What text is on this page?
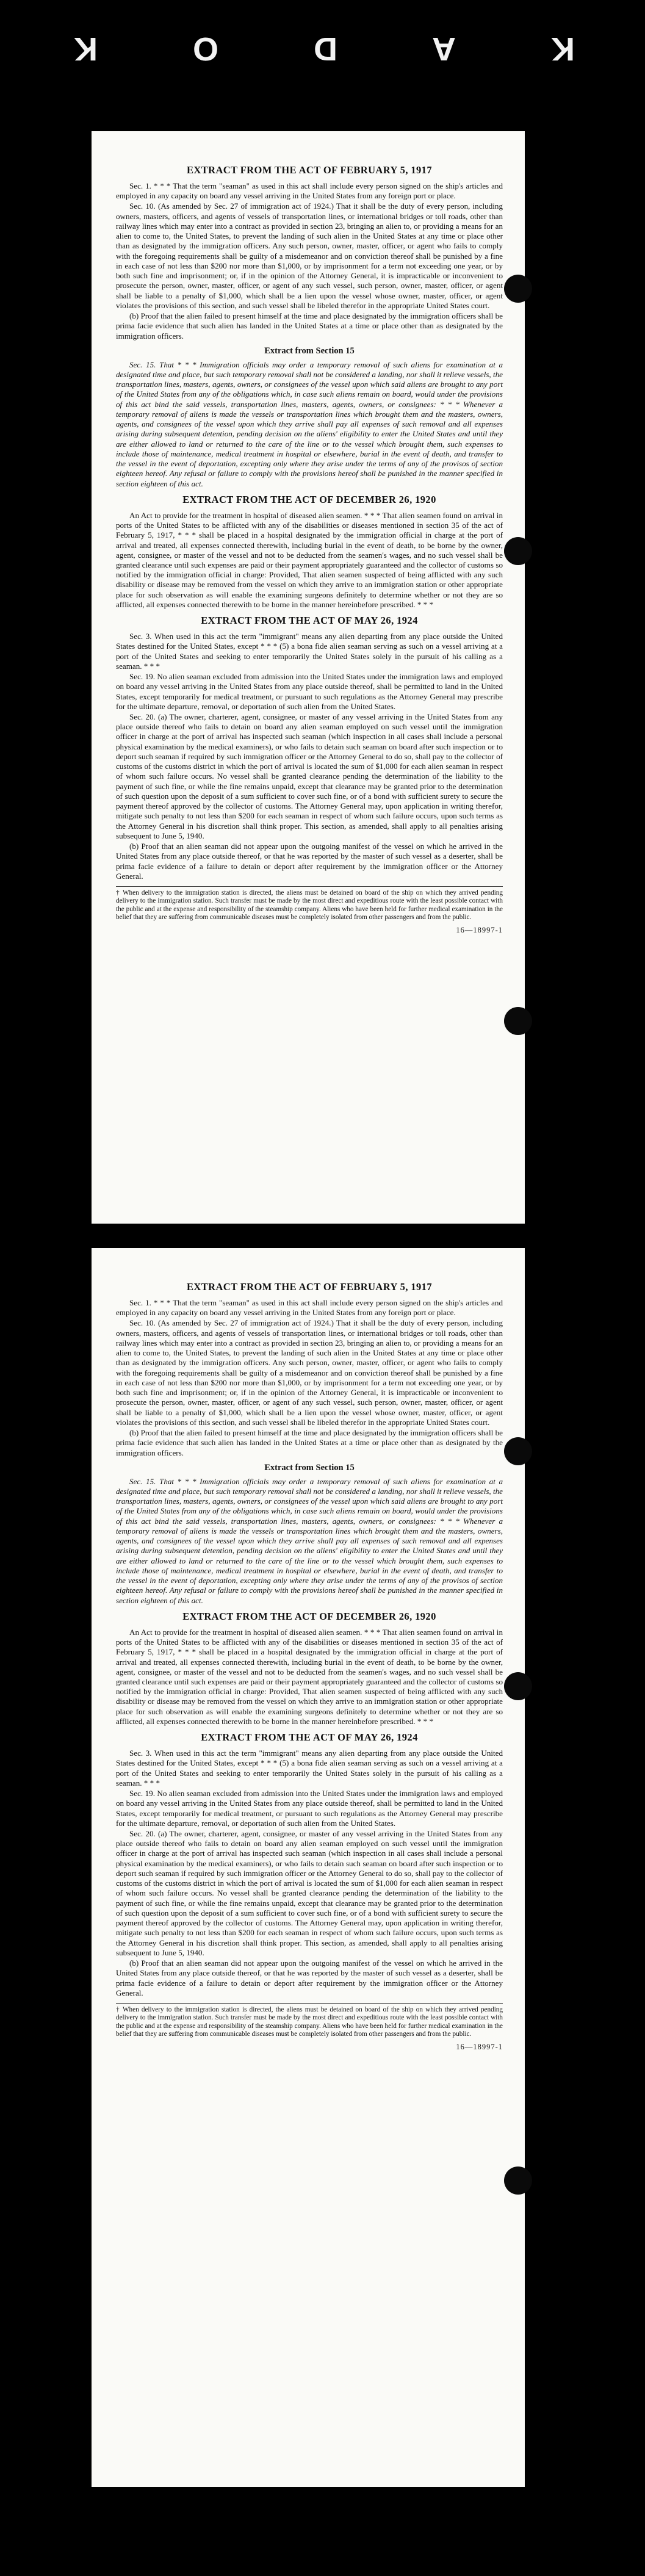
K	O	D	A	K
EXTRACT FROM THE ACT OF FEBRUARY 5, 1917
Sec. 1. * * * That the term "seaman" as used in this act shall include every person signed on the ship's articles and employed in any capacity on board any vessel arriving in the United States from any foreign port or place.
Sec. 10. (As amended by Sec. 27 of immigration act of 1924.) That it shall be the duty of every person, including owners, masters, officers, and agents of vessels of transportation lines, or international bridges or toll roads, other than railway lines which may enter into a contract as provided in section 23, bringing an alien to, or providing a means for an alien to come to, the United States, to prevent the landing of such alien in the United States at any time or place other than as designated by the immigration officers. Any such person, owner, master, officer, or agent who fails to comply with the foregoing requirements shall be guilty of a misdemeanor and on conviction thereof shall be punished by a fine in each case of not less than $200 nor more than $1,000, or by imprisonment for a term not exceeding one year, or by both such fine and imprisonment; or, if in the opinion of the Attorney General, it is impracticable or inconvenient to prosecute the person, owner, master, officer, or agent of any such vessel, such person, owner, master, officer, or agent shall be liable to a penalty of $1,000, which shall be a lien upon the vessel whose owner, master, officer, or agent violates the provisions of this section, and such vessel shall be libeled therefor in the appropriate United States court.
(b) Proof that the alien failed to present himself at the time and place designated by the immigration officers shall be prima facie evidence that such alien has landed in the United States at a time or place other than as designated by the immigration officers.
Extract from Section 15
Sec. 15. That * * * Immigration officials may order a temporary removal of such aliens for examination at a designated time and place, but such temporary removal shall not be considered a landing, nor shall it relieve vessels, the transportation lines, masters, agents, owners, or consignees of the vessel upon which said aliens are brought to any port of the United States from any of the obligations which, in case such aliens remain on board, would under the provisions of this act bind the said vessels, transportation lines, masters, agents, owners, or consignees: * * * Whenever a temporary removal of aliens is made the vessels or transportation lines which brought them and the masters, owners, agents, and consignees of the vessel upon which they arrive shall pay all expenses of such removal and all expenses arising during subsequent detention, pending decision on the aliens' eligibility to enter the United States and until they are either allowed to land or returned to the care of the line or to the vessel which brought them, such expenses to include those of maintenance, medical treatment in hospital or elsewhere, burial in the event of death, and transfer to the vessel in the event of deportation, excepting only where they arise under the terms of any of the provisos of section eighteen hereof. Any refusal or failure to comply with the provisions hereof shall be punished in the manner specified in section eighteen of this act.
EXTRACT FROM THE ACT OF DECEMBER 26, 1920
An Act to provide for the treatment in hospital of diseased alien seamen. * * * That alien seamen found on arrival in ports of the United States to be afflicted with any of the disabilities or diseases mentioned in section 35 of the act of February 5, 1917, * * * shall be placed in a hospital designated by the immigration official in charge at the port of arrival and treated, all expenses connected therewith, including burial in the event of death, to be borne by the owner, agent, consignee, or master of the vessel and not to be deducted from the seamen's wages, and no such vessel shall be granted clearance until such expenses are paid or their payment appropriately guaranteed and the collector of customs so notified by the immigration official in charge: Provided, That alien seamen suspected of being afflicted with any such disability or disease may be removed from the vessel on which they arrive to an immigration station or other appropriate place for such observation as will enable the examining surgeons definitely to determine whether or not they are so afflicted, all expenses connected therewith to be borne in the manner hereinbefore prescribed. * * *
EXTRACT FROM THE ACT OF MAY 26, 1924
Sec. 3. When used in this act the term "immigrant" means any alien departing from any place outside the United States destined for the United States, except * * * (5) a bona fide alien seaman serving as such on a vessel arriving at a port of the United States and seeking to enter temporarily the United States solely in the pursuit of his calling as a seaman. * * *
Sec. 19. No alien seaman excluded from admission into the United States under the immigration laws and employed on board any vessel arriving in the United States from any place outside thereof, shall be permitted to land in the United States, except temporarily for medical treatment, or pursuant to such regulations as the Attorney General may prescribe for the ultimate departure, removal, or deportation of such alien from the United States.
Sec. 20. (a) The owner, charterer, agent, consignee, or master of any vessel arriving in the United States from any place outside thereof who fails to detain on board any alien seaman employed on such vessel until the immigration officer in charge at the port of arrival has inspected such seaman (which inspection in all cases shall include a personal physical examination by the medical examiners), or who fails to detain such seaman on board after such inspection or to deport such seaman if required by such immigration officer or the Attorney General to do so, shall pay to the collector of customs of the customs district in which the port of arrival is located the sum of $1,000 for each alien seaman in respect of whom such failure occurs. No vessel shall be granted clearance pending the determination of the liability to the payment of such fine, or while the fine remains unpaid, except that clearance may be granted prior to the determination of such question upon the deposit of a sum sufficient to cover such fine, or of a bond with sufficient surety to secure the payment thereof approved by the collector of customs. The Attorney General may, upon application in writing therefor, mitigate such penalty to not less than $200 for each seaman in respect of whom such failure occurs, upon such terms as the Attorney General in his discretion shall think proper. This section, as amended, shall apply to all penalties arising subsequent to June 5, 1940.
(b) Proof that an alien seaman did not appear upon the outgoing manifest of the vessel on which he arrived in the United States from any place outside thereof, or that he was reported by the master of such vessel as a deserter, shall be prima facie evidence of a failure to detain or deport after requirement by the immigration officer or the Attorney General.
† When delivery to the immigration station is directed, the aliens must be detained on board of the ship on which they arrived pending delivery to the immigration station. Such transfer must be made by the most direct and expeditious route with the least possible contact with the public and at the expense and responsibility of the steamship company. Aliens who have been held for further medical examination in the belief that they are suffering from communicable diseases must be completely isolated from other passengers and from the public.
16—18997-1
EXTRACT FROM THE ACT OF FEBRUARY 5, 1917
Sec. 1. * * * That the term "seaman" as used in this act shall include every person signed on the ship's articles and employed in any capacity on board any vessel arriving in the United States from any foreign port or place.
Sec. 10. (As amended by Sec. 27 of immigration act of 1924.) That it shall be the duty of every person, including owners, masters, officers, and agents of vessels of transportation lines, or international bridges or toll roads, other than railway lines which may enter into a contract as provided in section 23, bringing an alien to, or providing a means for an alien to come to, the United States, to prevent the landing of such alien in the United States at any time or place other than as designated by the immigration officers. Any such person, owner, master, officer, or agent who fails to comply with the foregoing requirements shall be guilty of a misdemeanor and on conviction thereof shall be punished by a fine in each case of not less than $200 nor more than $1,000, or by imprisonment for a term not exceeding one year, or by both such fine and imprisonment; or, if in the opinion of the Attorney General, it is impracticable or inconvenient to prosecute the person, owner, master, officer, or agent of any such vessel, such person, owner, master, officer, or agent shall be liable to a penalty of $1,000, which shall be a lien upon the vessel whose owner, master, officer, or agent violates the provisions of this section, and such vessel shall be libeled therefor in the appropriate United States court.
(b) Proof that the alien failed to present himself at the time and place designated by the immigration officers shall be prima facie evidence that such alien has landed in the United States at a time or place other than as designated by the immigration officers.
Extract from Section 15
Sec. 15. That * * * Immigration officials may order a temporary removal of such aliens for examination at a designated time and place, but such temporary removal shall not be considered a landing, nor shall it relieve vessels, the transportation lines, masters, agents, owners, or consignees of the vessel upon which said aliens are brought to any port of the United States from any of the obligations which, in case such aliens remain on board, would under the provisions of this act bind the said vessels, transportation lines, masters, agents, owners, or consignees: * * * Whenever a temporary removal of aliens is made the vessels or transportation lines which brought them and the masters, owners, agents, and consignees of the vessel upon which they arrive shall pay all expenses of such removal and all expenses arising during subsequent detention, pending decision on the aliens' eligibility to enter the United States and until they are either allowed to land or returned to the care of the line or to the vessel which brought them, such expenses to include those of maintenance, medical treatment in hospital or elsewhere, burial in the event of death, and transfer to the vessel in the event of deportation, excepting only where they arise under the terms of any of the provisos of section eighteen hereof. Any refusal or failure to comply with the provisions hereof shall be punished in the manner specified in section eighteen of this act.
EXTRACT FROM THE ACT OF DECEMBER 26, 1920
An Act to provide for the treatment in hospital of diseased alien seamen. * * * That alien seamen found on arrival in ports of the United States to be afflicted with any of the disabilities or diseases mentioned in section 35 of the act of February 5, 1917, * * * shall be placed in a hospital designated by the immigration official in charge at the port of arrival and treated, all expenses connected therewith, including burial in the event of death, to be borne by the owner, agent, consignee, or master of the vessel and not to be deducted from the seamen's wages, and no such vessel shall be granted clearance until such expenses are paid or their payment appropriately guaranteed and the collector of customs so notified by the immigration official in charge: Provided, That alien seamen suspected of being afflicted with any such disability or disease may be removed from the vessel on which they arrive to an immigration station or other appropriate place for such observation as will enable the examining surgeons definitely to determine whether or not they are so afflicted, all expenses connected therewith to be borne in the manner hereinbefore prescribed. * * *
EXTRACT FROM THE ACT OF MAY 26, 1924
Sec. 3. When used in this act the term "immigrant" means any alien departing from any place outside the United States destined for the United States, except * * * (5) a bona fide alien seaman serving as such on a vessel arriving at a port of the United States and seeking to enter temporarily the United States solely in the pursuit of his calling as a seaman. * * *
Sec. 19. No alien seaman excluded from admission into the United States under the immigration laws and employed on board any vessel arriving in the United States from any place outside thereof, shall be permitted to land in the United States, except temporarily for medical treatment, or pursuant to such regulations as the Attorney General may prescribe for the ultimate departure, removal, or deportation of such alien from the United States.
Sec. 20. (a) The owner, charterer, agent, consignee, or master of any vessel arriving in the United States from any place outside thereof who fails to detain on board any alien seaman employed on such vessel until the immigration officer in charge at the port of arrival has inspected such seaman (which inspection in all cases shall include a personal physical examination by the medical examiners), or who fails to detain such seaman on board after such inspection or to deport such seaman if required by such immigration officer or the Attorney General to do so, shall pay to the collector of customs of the customs district in which the port of arrival is located the sum of $1,000 for each alien seaman in respect of whom such failure occurs. No vessel shall be granted clearance pending the determination of the liability to the payment of such fine, or while the fine remains unpaid, except that clearance may be granted prior to the determination of such question upon the deposit of a sum sufficient to cover such fine, or of a bond with sufficient surety to secure the payment thereof approved by the collector of customs. The Attorney General may, upon application in writing therefor, mitigate such penalty to not less than $200 for each seaman in respect of whom such failure occurs, upon such terms as the Attorney General in his discretion shall think proper. This section, as amended, shall apply to all penalties arising subsequent to June 5, 1940.
(b) Proof that an alien seaman did not appear upon the outgoing manifest of the vessel on which he arrived in the United States from any place outside thereof, or that he was reported by the master of such vessel as a deserter, shall be prima facie evidence of a failure to detain or deport after requirement by the immigration officer or the Attorney General.
† When delivery to the immigration station is directed, the aliens must be detained on board of the ship on which they arrived pending delivery to the immigration station. Such transfer must be made by the most direct and expeditious route with the least possible contact with the public and at the expense and responsibility of the steamship company. Aliens who have been held for further medical examination in the belief that they are suffering from communicable diseases must be completely isolated from other passengers and from the public.
16—18997-1
